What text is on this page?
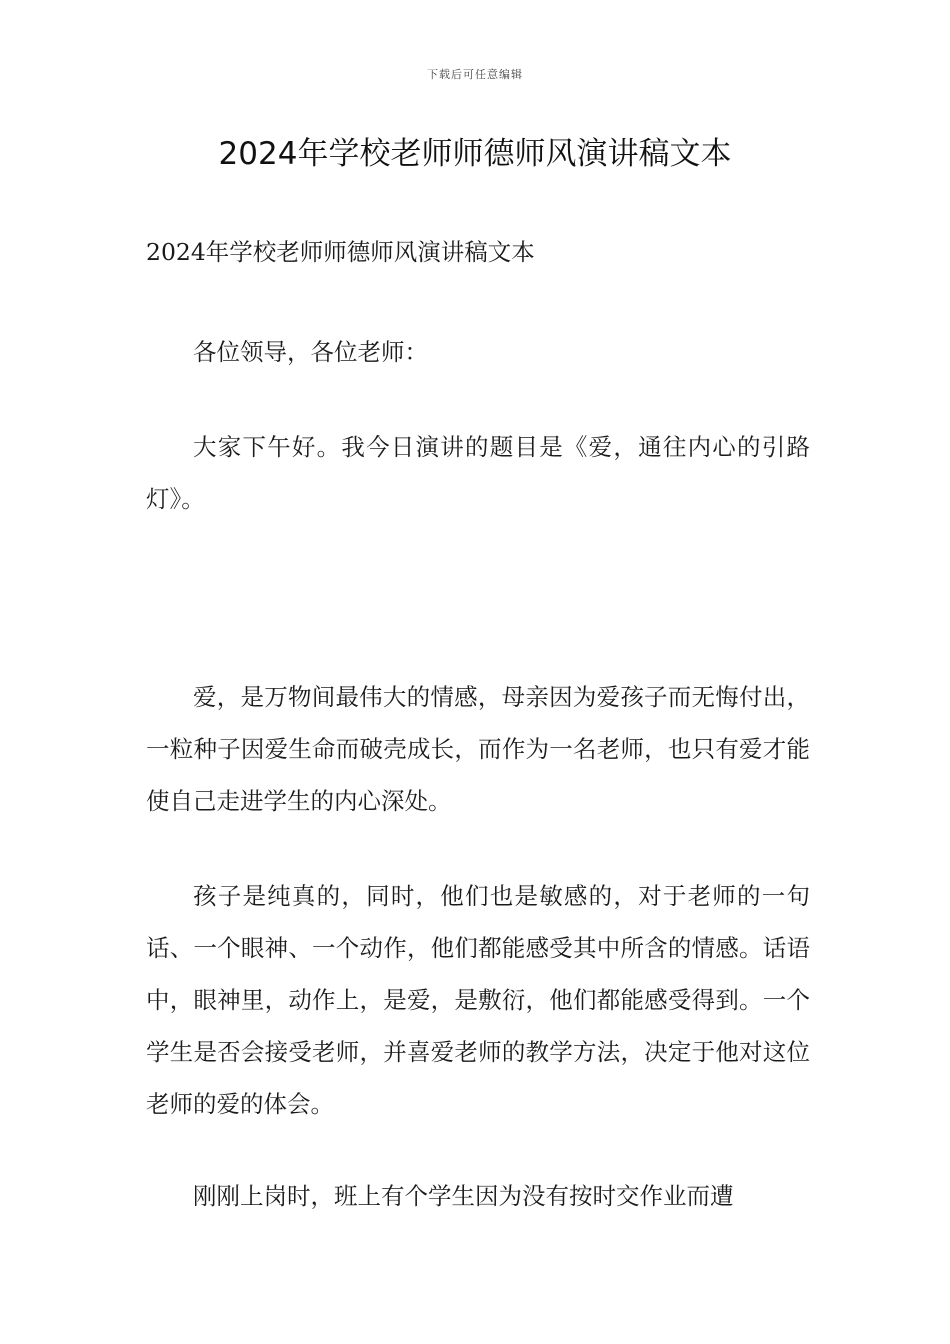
下载后可任意编辑
2024年学校老师师德师风演讲稿文本

2024年学校老师师德师风演讲稿文本

各位领导，各位老师：

大家下午好。我今日演讲的题目是《爱，通往内心的引路灯》。

爱，是万物间最伟大的情感，母亲因为爱孩子而无悔付出，一粒种子因爱生命而破壳成长，而作为一名老师，也只有爱才能使自己走进学生的内心深处。

孩子是纯真的，同时，他们也是敏感的，对于老师的一句话、一个眼神、一个动作，他们都能感受其中所含的情感。话语中，眼神里，动作上，是爱，是敷衍，他们都能感受得到。一个学生是否会接受老师，并喜爱老师的教学方法，决定于他对这位老师的爱的体会。

刚刚上岗时，班上有个学生因为没有按时交作业而遭
